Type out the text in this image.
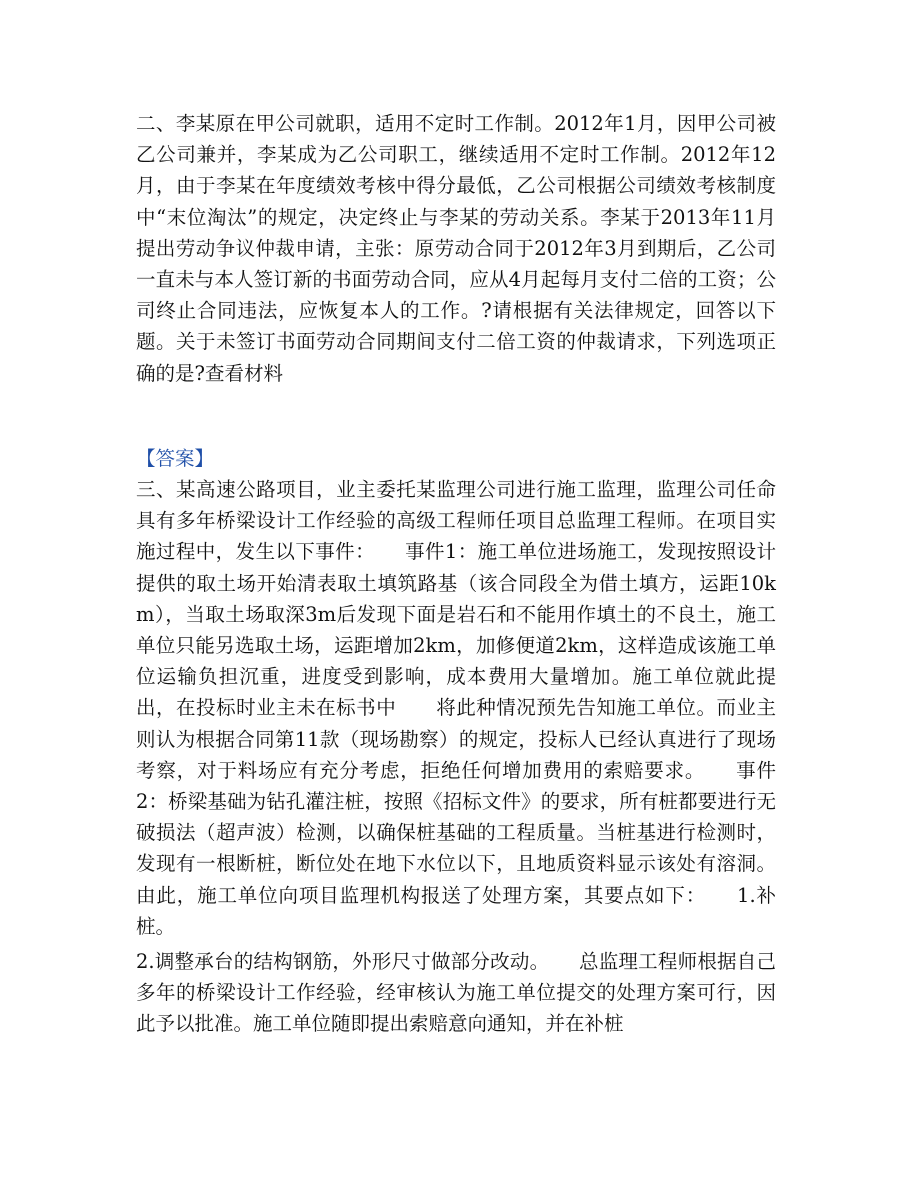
二、李某原在甲公司就职，适用不定时工作制。2012年1月，因甲公司被乙公司兼并，李某成为乙公司职工，继续适用不定时工作制。2012年12月，由于李某在年度绩效考核中得分最低，乙公司根据公司绩效考核制度中“末位淘汰”的规定，决定终止与李某的劳动关系。李某于2013年11月提出劳动争议仲裁申请，主张：原劳动合同于2012年3月到期后，乙公司一直未与本人签订新的书面劳动合同，应从4月起每月支付二倍的工资；公司终止合同违法，应恢复本人的工作。?请根据有关法律规定，回答以下题。关于未签订书面劳动合同期间支付二倍工资的仲裁请求，下列选项正确的是?查看材料

【答案】

三、某高速公路项目，业主委托某监理公司进行施工监理，监理公司任命具有多年桥梁设计工作经验的高级工程师任项目总监理工程师。在项目实施过程中，发生以下事件：　　事件1：施工单位进场施工，发现按照设计提供的取土场开始清表取土填筑路基（该合同段全为借土填方，运距10km），当取土场取深3m后发现下面是岩石和不能用作填土的不良土，施工单位只能另选取土场，运距增加2km，加修便道2km，这样造成该施工单位运输负担沉重，进度受到影响，成本费用大量增加。施工单位就此提出，在投标时业主未在标书中　　将此种情况预先告知施工单位。而业主则认为根据合同第11款（现场勘察）的规定，投标人已经认真进行了现场考察，对于料场应有充分考虑，拒绝任何增加费用的索赔要求。　　事件2：桥梁基础为钻孔灌注桩，按照《招标文件》的要求，所有桩都要进行无破损法（超声波）检测，以确保桩基础的工程质量。当桩基进行检测时，发现有一根断桩，断位处在地下水位以下，且地质资料显示该处有溶洞。由此，施工单位向项目监理机构报送了处理方案，其要点如下：　　1.补桩。

2.调整承台的结构钢筋，外形尺寸做部分改动。　　总监理工程师根据自己多年的桥梁设计工作经验，经审核认为施工单位提交的处理方案可行，因此予以批准。施工单位随即提出索赔意向通知，并在补桩
